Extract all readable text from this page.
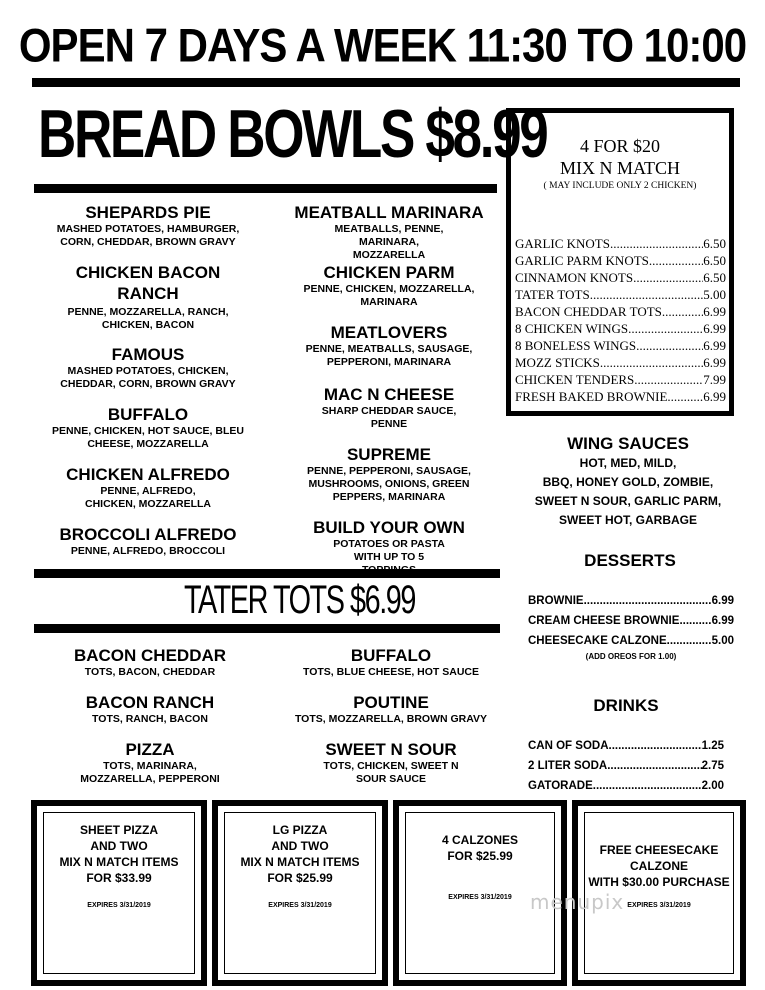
OPEN 7 DAYS A WEEK 11:30 TO 10:00
BREAD BOWLS $8.99
SHEPARDS PIE
MASHED POTATOES, HAMBURGER, CORN, CHEDDAR, BROWN GRAVY
CHICKEN BACON RANCH
PENNE, MOZZARELLA, RANCH, CHICKEN, BACON
FAMOUS
MASHED POTATOES, CHICKEN, CHEDDAR, CORN, BROWN GRAVY
BUFFALO
PENNE, CHICKEN, HOT SAUCE, BLEU CHEESE, MOZZARELLA
CHICKEN ALFREDO
PENNE, ALFREDO, CHICKEN, MOZZARELLA
BROCCOLI ALFREDO
PENNE, ALFREDO, BROCCOLI
MEATBALL MARINARA
MEATBALLS, PENNE, MARINARA, MOZZARELLA
CHICKEN PARM
PENNE, CHICKEN, MOZZARELLA, MARINARA
MEATLOVERS
PENNE, MEATBALLS, SAUSAGE, PEPPERONI, MARINARA
MAC N CHEESE
SHARP CHEDDAR SAUCE, PENNE
SUPREME
PENNE, PEPPERONI, SAUSAGE, MUSHROOMS, ONIONS, GREEN PEPPERS, MARINARA
BUILD YOUR OWN
POTATOES OR PASTA WITH UP TO 5
4 FOR $20
MIX N MATCH
( MAY INCLUDE ONLY 2 CHICKEN)
GARLIC KNOTS .....	6.50
GARLIC PARM KNOTS .....	6.50
CINNAMON KNOTS .....	6.50
TATER TOTS .....	5.00
BACON CHEDDAR TOTS .....	6.99
8 CHICKEN WINGS .....	6.99
8 BONELESS WINGS .....	6.99
MOZZ STICKS .....	6.99
CHICKEN TENDERS .....	7.99
FRESH BAKED BROWNIE .....	6.99
WING SAUCES
HOT, MED, MILD,
BBQ, HONEY GOLD, ZOMBIE,
SWEET N SOUR, GARLIC PARM,
SWEET HOT, GARBAGE
DESSERTS
BROWNIE .....	6.99
CREAM CHEESE BROWNIE .....	6.99
CHEESECAKE CALZONE .....	5.00
(ADD OREOS FOR 1.00)
DRINKS
CAN OF SODA .....	1.25
2 LITER SODA .....	2.75
GATORADE .....	2.00
TATER TOTS $6.99
BACON CHEDDAR
TOTS, BACON, CHEDDAR
BACON RANCH
TOTS, RANCH, BACON
PIZZA
TOTS, MARINARA, MOZZARELLA, PEPPERONI
BUFFALO
TOTS, BLUE CHEESE, HOT SAUCE
POUTINE
TOTS, MOZZARELLA, BROWN GRAVY
SWEET N SOUR
TOTS, CHICKEN, SWEET N SOUR SAUCE
SHEET PIZZA
AND TWO
MIX N MATCH ITEMS
FOR $33.99
EXPIRES 3/31/2019
LG PIZZA
AND TWO
MIX N MATCH ITEMS
FOR $25.99
EXPIRES 3/31/2019
4 CALZONES
FOR $25.99
EXPIRES 3/31/2019
FREE CHEESECAKE
CALZONE
WITH $30.00 PURCHASE
EXPIRES 3/31/2019
menupix
